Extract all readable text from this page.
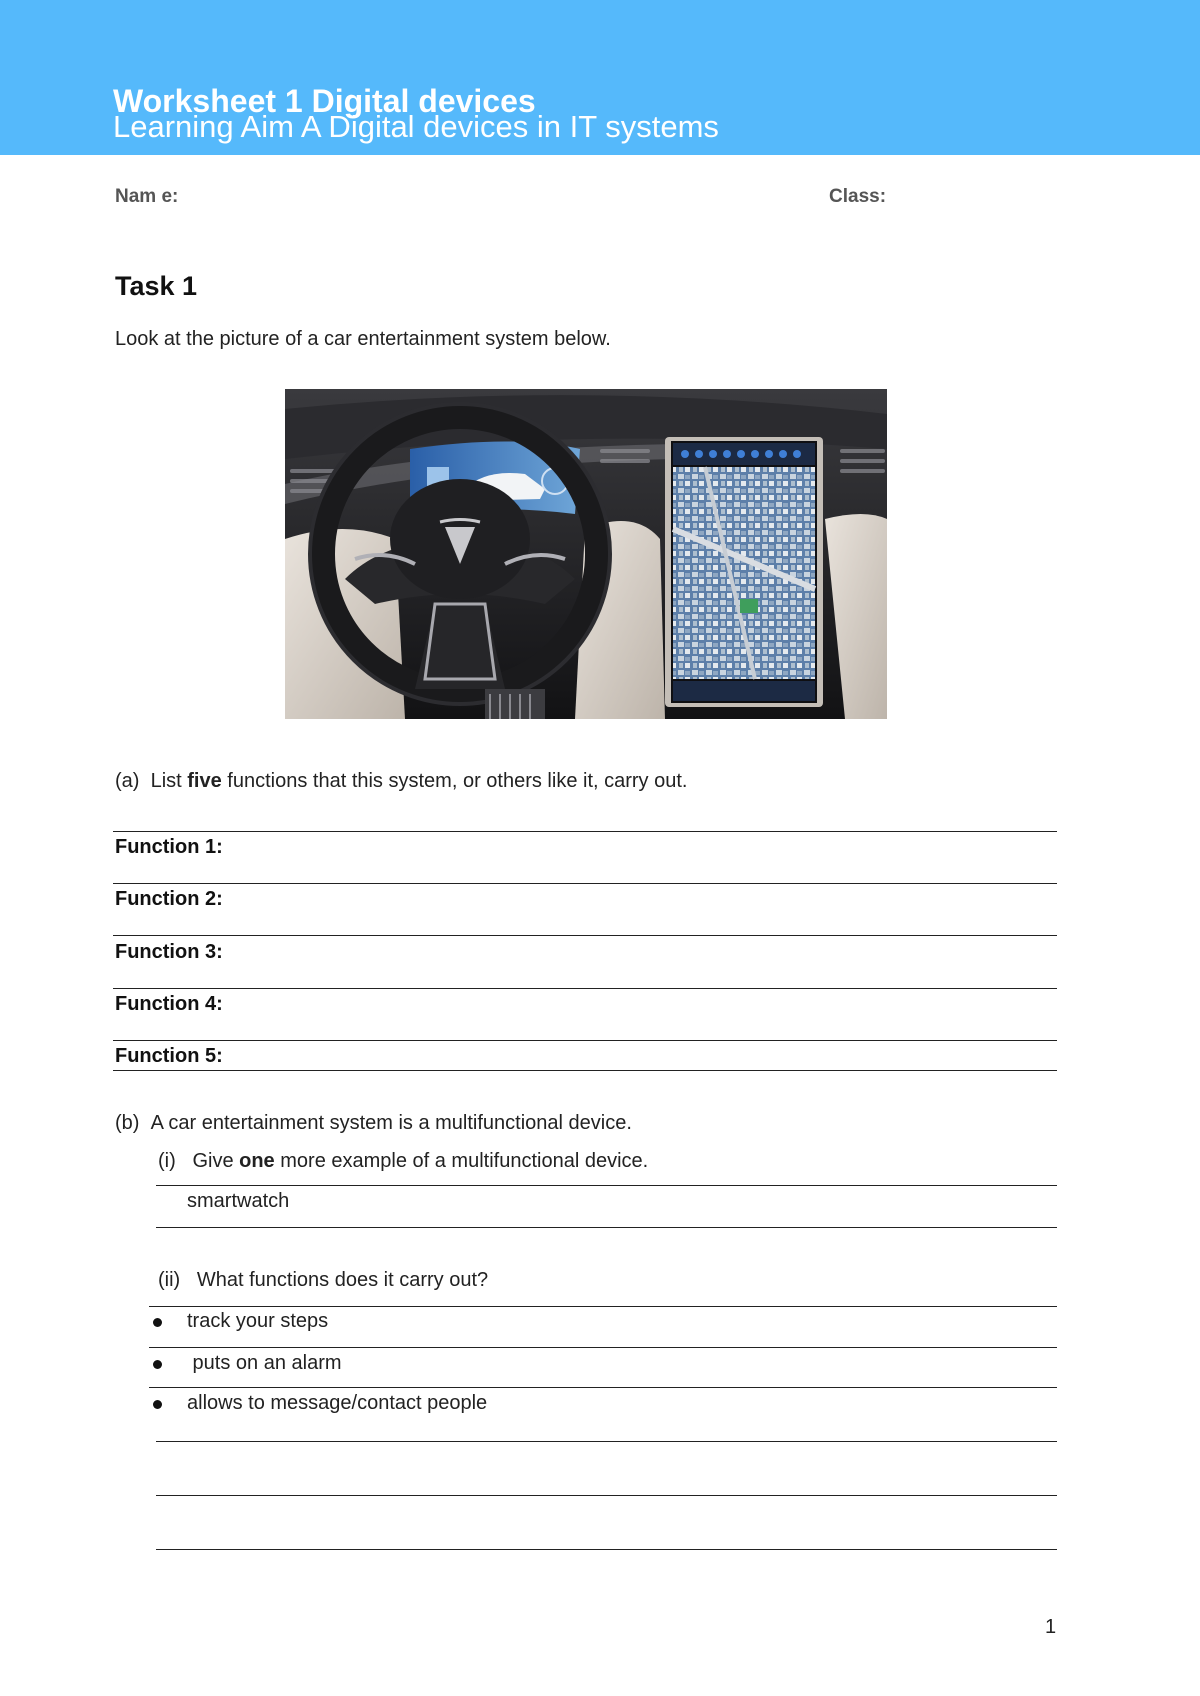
Worksheet 1 Digital devices
Learning Aim A Digital devices in IT systems
Nam e:	Class:
Task 1
Look at the picture of a car entertainment system below.
(a) List five functions that this system, or others like it, carry out.
Function 1:
Function 2:
Function 3:
Function 4:
Function 5:
(b) A car entertainment system is a multifunctional device.
(i) Give one more example of a multifunctional device.
smartwatch
(ii) What functions does it carry out?
track your steps
puts on an alarm
allows to message/contact people
1
